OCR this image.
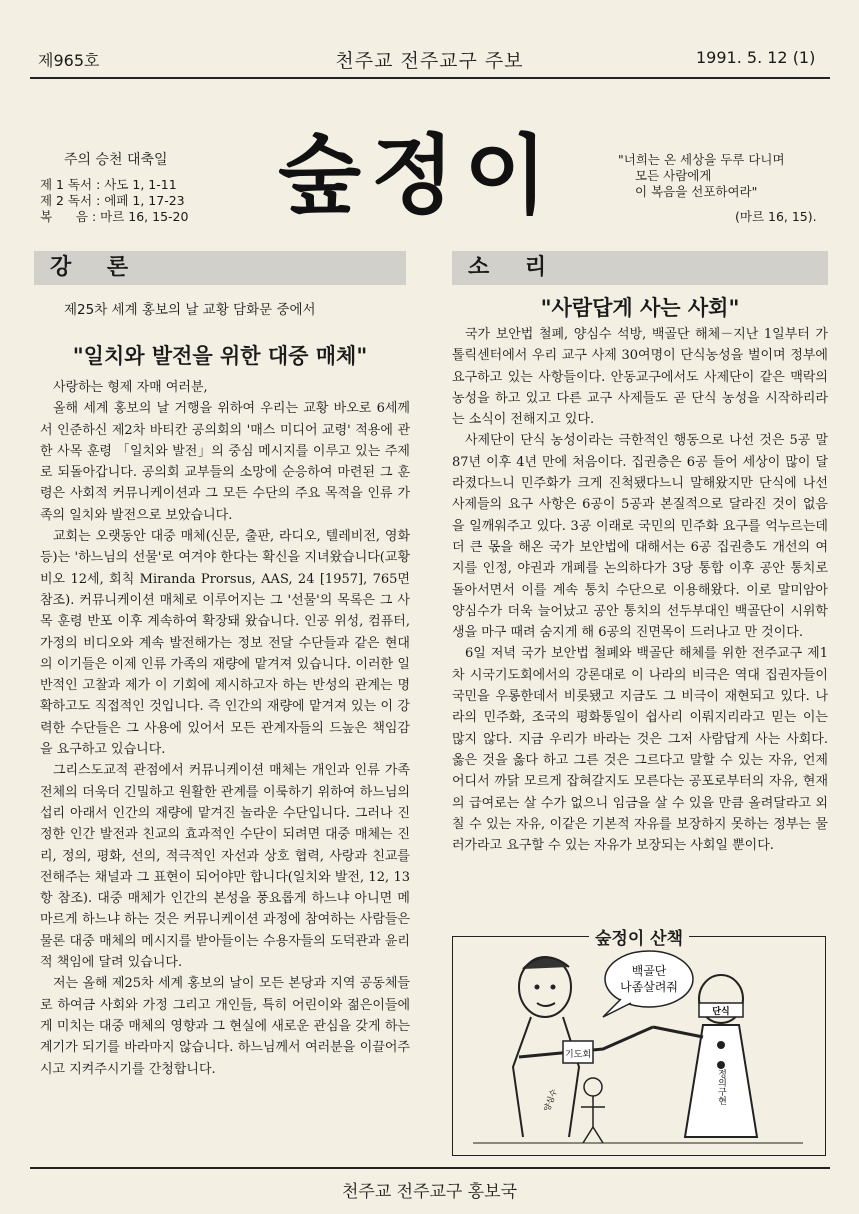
제965호	천주교 전주교구 주보	1991. 5. 12 (1)
숲정이
주의 승천 대축일
제 1 독서 : 사도 1, 1-11
제 2 독서 : 에페 1, 17-23
복      음 : 마르 16, 15-20
"너희는 온 세상을 두루 다니며
모든 사람에게
이 복음을 선포하여라"
(마르 16, 15).
강 론
제25차 세계 홍보의 날 교황 담화문 중에서
"일치와 발전을 위한 대중 매체"

사랑하는 형제 자매 여러분,

올해 세계 홍보의 날 거행을 위하여 우리는 교황 바오로 6세께서 인준하신 제2차 바티칸 공의회의 '매스 미디어 교령' 적용에 관한 사목 훈령 「일치와 발전」의 중심 메시지를 이루고 있는 주제로 되돌아갑니다. 공의회 교부들의 소망에 순응하여 마련된 그 훈령은 사회적 커뮤니케이션과 그 모든 수단의 주요 목적을 인류 가족의 일치와 발전으로 보았습니다.

교회는 오랫동안 대중 매체(신문, 출판, 라디오, 텔레비전, 영화 등)는 '하느님의 선물'로 여겨야 한다는 확신을 지녀왔습니다(교황 비오 12세, 회칙 Miranda Prorsus, AAS, 24 [1957], 765면 참조). 커뮤니케이션 매체로 이루어지는 그 '선물'의 목록은 그 사목 훈령 반포 이후 계속하여 확장돼 왔습니다. 인공 위성, 컴퓨터, 가정의 비디오와 계속 발전해가는 정보 전달 수단들과 같은 현대의 이기들은 이제 인류 가족의 재량에 맡겨져 있습니다. 이러한 일반적인 고찰과 제가 이 기회에 제시하고자 하는 반성의 관계는 명확하고도 직접적인 것입니다. 즉 인간의 재량에 맡겨져 있는 이 강력한 수단들은 그 사용에 있어서 모든 관계자들의 드높은 책임감을 요구하고 있습니다.

그리스도교적 관점에서 커뮤니케이션 매체는 개인과 인류 가족 전체의 더욱더 긴밀하고 원활한 관계를 이룩하기 위하여 하느님의 섭리 아래서 인간의 재량에 맡겨진 놀라운 수단입니다. 그러나 진정한 인간 발전과 친교의 효과적인 수단이 되려면 대중 매체는 진리, 정의, 평화, 선의, 적극적인 자선과 상호 협력, 사랑과 친교를 전해주는 채널과 그 표현이 되어야만 합니다(일치와 발전, 12, 13항 참조). 대중 매체가 인간의 본성을 풍요롭게 하느냐 아니면 메마르게 하느냐 하는 것은 커뮤니케이션 과정에 참여하는 사람들은 물론 대중 매체의 메시지를 받아들이는 수용자들의 도덕관과 윤리적 책임에 달려 있습니다.

저는 올해 제25차 세계 홍보의 날이 모든 본당과 지역 공동체들로 하여금 사회와 가정 그리고 개인들, 특히 어린이와 젊은이들에게 미치는 대중 매체의 영향과 그 현실에 새로운 관심을 갖게 하는 계기가 되기를 바라마지 않습니다. 하느님께서 여러분을 이끌어주시고 지켜주시기를 간청합니다.

소 리
"사람답게 사는 사회"

국가 보안법 철폐, 양심수 석방, 백골단 해체－지난 1일부터 가톨릭센터에서 우리 교구 사제 30여명이 단식농성을 벌이며 정부에 요구하고 있는 사항들이다. 안동교구에서도 사제단이 같은 맥락의 농성을 하고 있고 다른 교구 사제들도 곧 단식 농성을 시작하리라는 소식이 전해지고 있다.

사제단이 단식 농성이라는 극한적인 행동으로 나선 것은 5공 말 87년 이후 4년 만에 처음이다. 집권층은 6공 들어 세상이 많이 달라졌다느니 민주화가 크게 진척됐다느니 말해왔지만 단식에 나선 사제들의 요구 사항은 6공이 5공과 본질적으로 달라진 것이 없음을 일깨워주고 있다. 3공 이래로 국민의 민주화 요구를 억누르는데 더 큰 몫을 해온 국가 보안법에 대해서는 6공 집권층도 개선의 여지를 인정, 야권과 개폐를 논의하다가 3당 통합 이후 공안 통치로 돌아서면서 이를 계속 통치 수단으로 이용해왔다. 이로 말미암아 양심수가 더욱 늘어났고 공안 통치의 선두부대인 백골단이 시위학생을 마구 때려 숨지게 해 6공의 진면목이 드러나고 만 것이다.

6일 저녁 국가 보안법 철폐와 백골단 해체를 위한 전주교구 제1차 시국기도회에서의 강론대로 이 나라의 비극은 역대 집권자들이 국민을 우롱한데서 비롯됐고 지금도 그 비극이 재현되고 있다. 나라의 민주화, 조국의 평화통일이 쉽사리 이뤄지리라고 믿는 이는 많지 않다. 지금 우리가 바라는 것은 그저 사람답게 사는 사회다. 옳은 것을 옳다 하고 그른 것은 그르다고 말할 수 있는 자유, 언제 어디서 까닭 모르게 잡혀갈지도 모른다는 공포로부터의 자유, 현재의 급여로는 살 수가 없으니 임금을 살 수 있을 만큼 올려달라고 외칠 수 있는 자유, 이같은 기본적 자유를 보장하지 못하는 정부는 물러가라고 요구할 수 있는 자유가 보장되는 사회일 뿐이다.

숲정이 산책
기도회
양심수
단식
정의구현
백골단
나좀살려줘
천주교 전주교구 홍보국
